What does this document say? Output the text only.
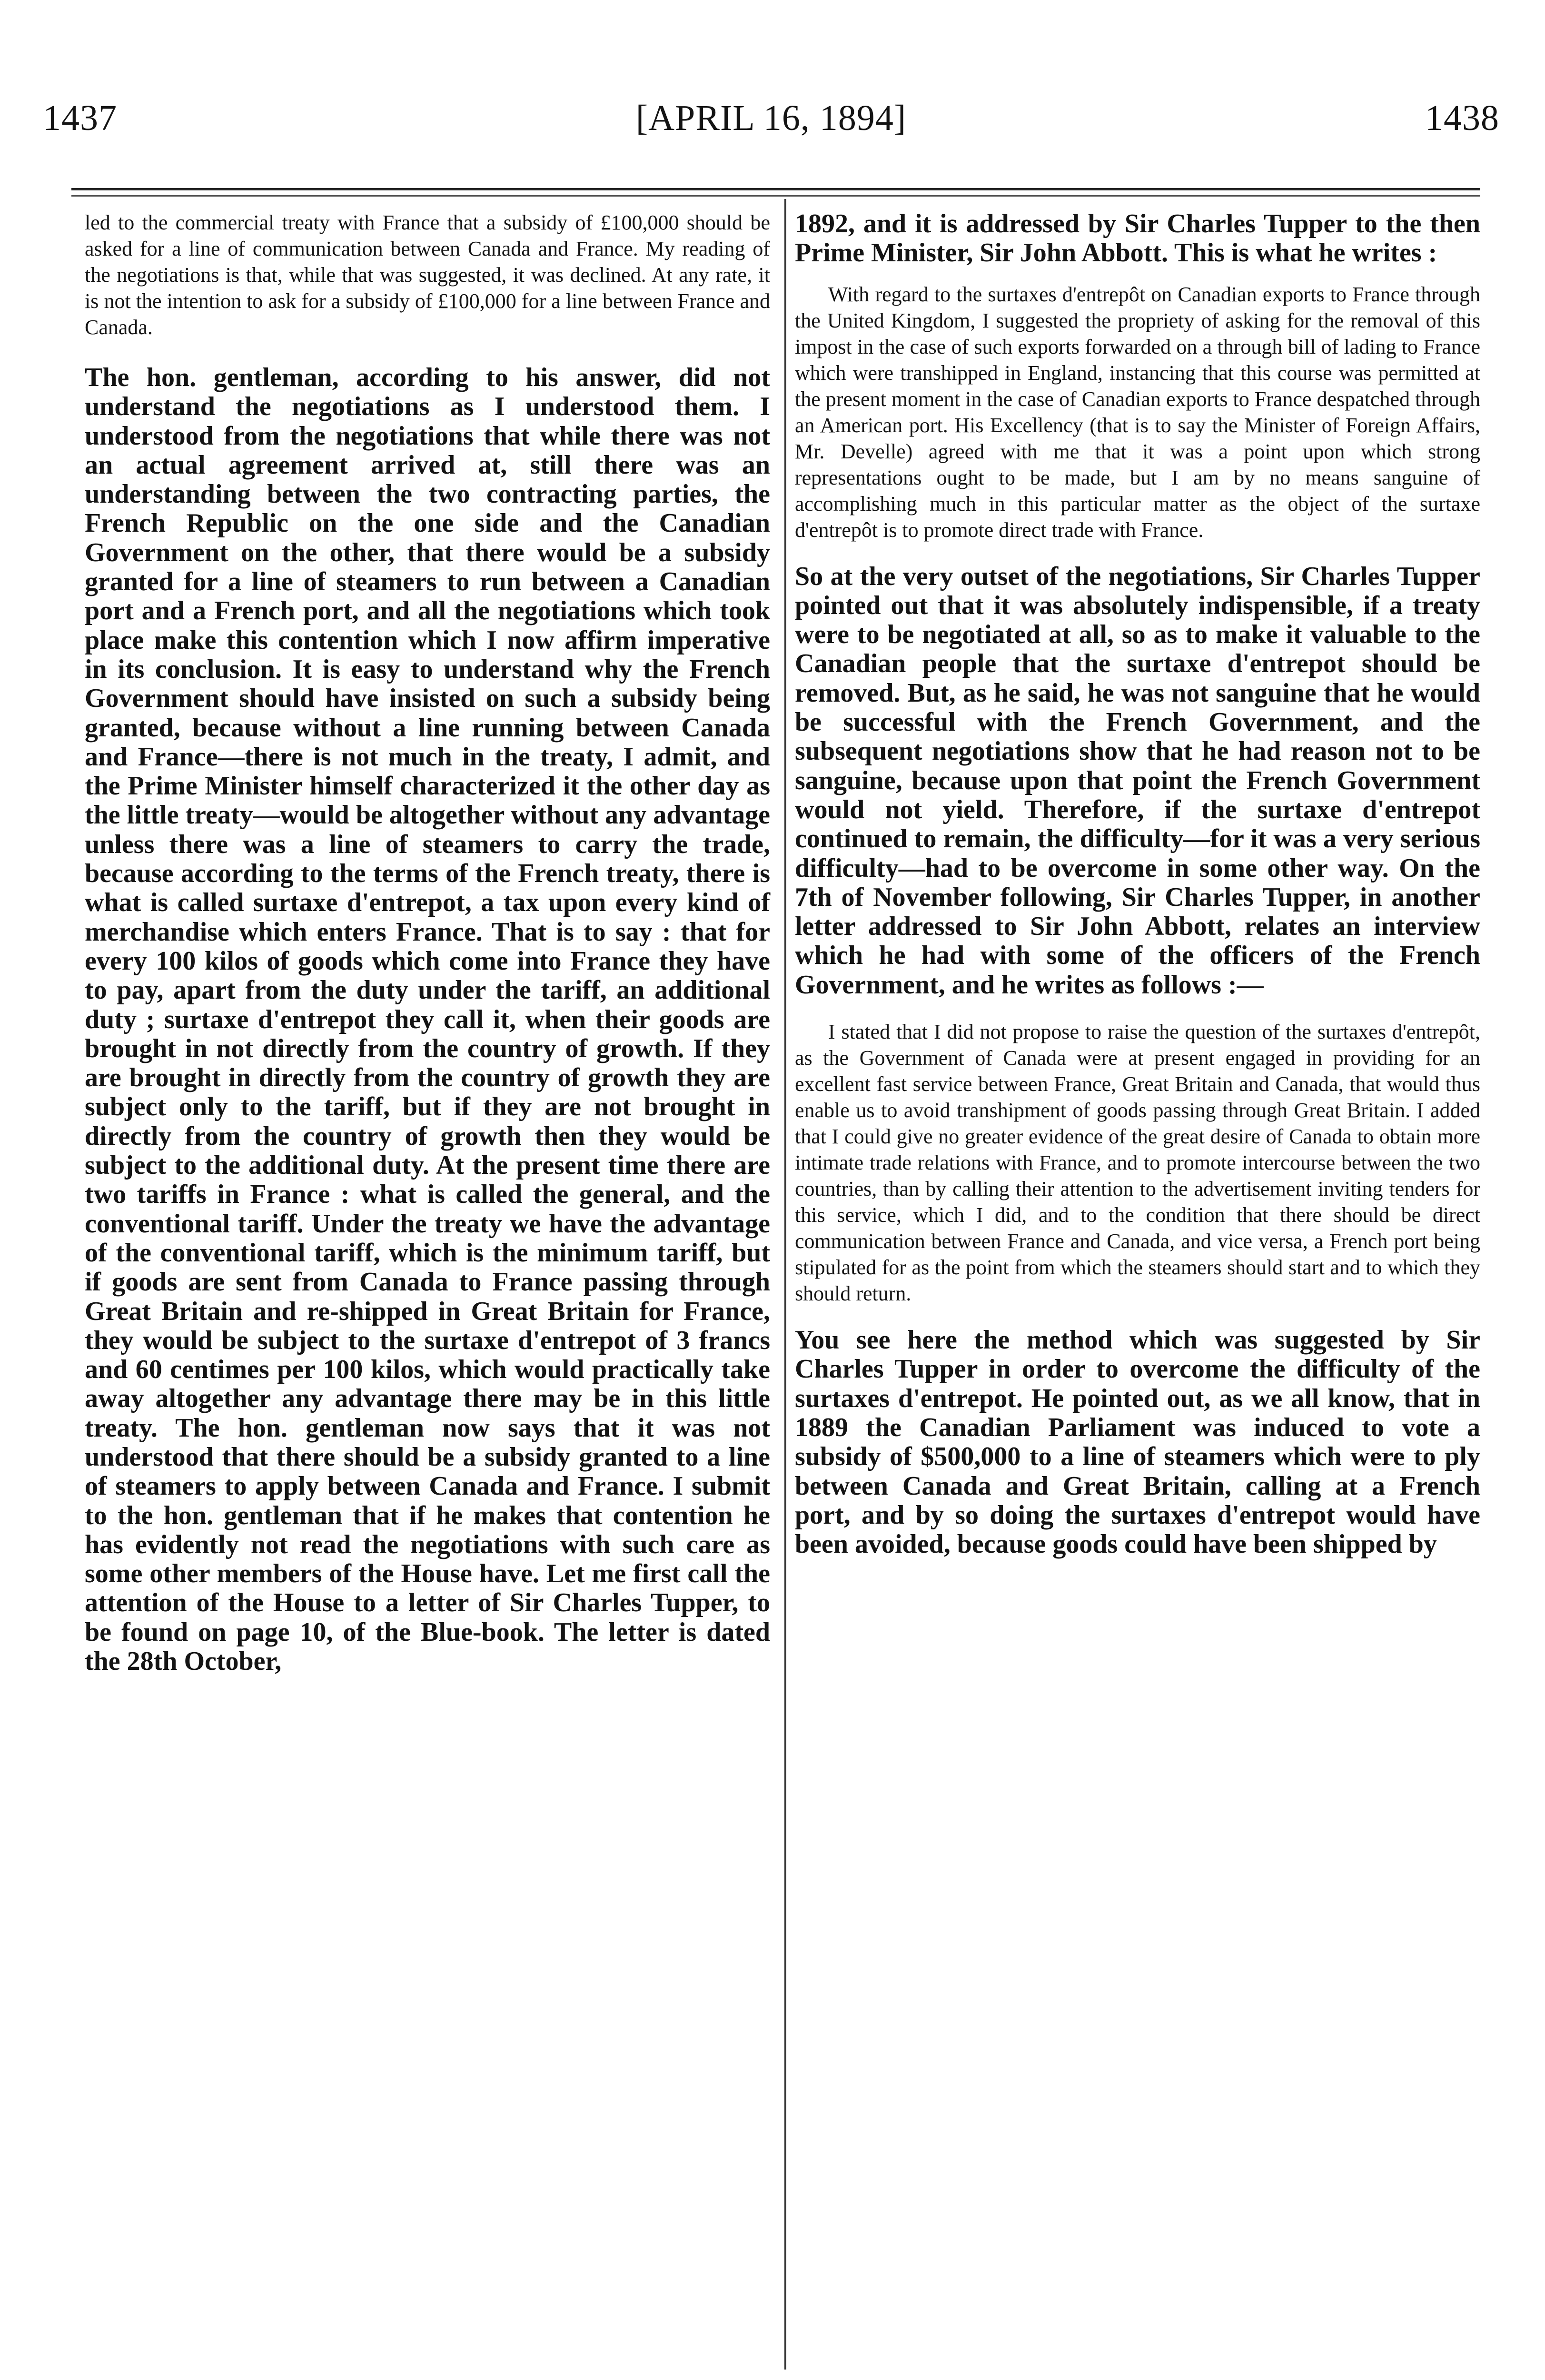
1437	[APRIL 16, 1894]	1438

led to the commercial treaty with France that a subsidy of £100,000 should be asked for a line of communication between Canada and France. My reading of the negotiations is that, while that was suggested, it was declined. At any rate, it is not the intention to ask for a subsidy of £100,000 for a line between France and Canada.

The hon. gentleman, according to his answer, did not understand the negotiations as I understood them. I understood from the negotiations that while there was not an actual agreement arrived at, still there was an understanding between the two contracting parties, the French Republic on the one side and the Canadian Government on the other, that there would be a subsidy granted for a line of steamers to run between a Canadian port and a French port, and all the negotiations which took place make this contention which I now affirm imperative in its conclusion. It is easy to understand why the French Government should have insisted on such a subsidy being granted, because without a line running between Canada and France—there is not much in the treaty, I admit, and the Prime Minister himself characterized it the other day as the little treaty—would be altogether without any advantage unless there was a line of steamers to carry the trade, because according to the terms of the French treaty, there is what is called surtaxe d'entrepot, a tax upon every kind of merchandise which enters France. That is to say : that for every 100 kilos of goods which come into France they have to pay, apart from the duty under the tariff, an additional duty ; surtaxe d'entrepot they call it, when their goods are brought in not directly from the country of growth. If they are brought in directly from the country of growth they are subject only to the tariff, but if they are not brought in directly from the country of growth then they would be subject to the additional duty. At the present time there are two tariffs in France : what is called the general, and the conventional tariff. Under the treaty we have the advantage of the conventional tariff, which is the minimum tariff, but if goods are sent from Canada to France passing through Great Britain and re-shipped in Great Britain for France, they would be subject to the surtaxe d'entrepot of 3 francs and 60 centimes per 100 kilos, which would practically take away altogether any advantage there may be in this little treaty. The hon. gentleman now says that it was not understood that there should be a subsidy granted to a line of steamers to apply between Canada and France. I submit to the hon. gentleman that if he makes that contention he has evidently not read the negotiations with such care as some other members of the House have. Let me first call the attention of the House to a letter of Sir Charles Tupper, to be found on page 10, of the Blue-book. The letter is dated the 28th October,

1892, and it is addressed by Sir Charles Tupper to the then Prime Minister, Sir John Abbott. This is what he writes :

With regard to the surtaxes d'entrepôt on Canadian exports to France through the United Kingdom, I suggested the propriety of asking for the removal of this impost in the case of such exports forwarded on a through bill of lading to France which were transhipped in England, instancing that this course was permitted at the present moment in the case of Canadian exports to France despatched through an American port. His Excellency (that is to say the Minister of Foreign Affairs, Mr. Develle) agreed with me that it was a point upon which strong representations ought to be made, but I am by no means sanguine of accomplishing much in this particular matter as the object of the surtaxe d'entrepôt is to promote direct trade with France.

So at the very outset of the negotiations, Sir Charles Tupper pointed out that it was absolutely indispensible, if a treaty were to be negotiated at all, so as to make it valuable to the Canadian people that the surtaxe d'entrepot should be removed. But, as he said, he was not sanguine that he would be successful with the French Government, and the subsequent negotiations show that he had reason not to be sanguine, because upon that point the French Government would not yield. Therefore, if the surtaxe d'entrepot continued to remain, the difficulty—for it was a very serious difficulty—had to be overcome in some other way. On the 7th of November following, Sir Charles Tupper, in another letter addressed to Sir John Abbott, relates an interview which he had with some of the officers of the French Government, and he writes as follows :—

I stated that I did not propose to raise the question of the surtaxes d'entrepôt, as the Government of Canada were at present engaged in providing for an excellent fast service between France, Great Britain and Canada, that would thus enable us to avoid transhipment of goods passing through Great Britain. I added that I could give no greater evidence of the great desire of Canada to obtain more intimate trade relations with France, and to promote intercourse between the two countries, than by calling their attention to the advertisement inviting tenders for this service, which I did, and to the condition that there should be direct communication between France and Canada, and vice versa, a French port being stipulated for as the point from which the steamers should start and to which they should return.

You see here the method which was suggested by Sir Charles Tupper in order to overcome the difficulty of the surtaxes d'entrepot. He pointed out, as we all know, that in 1889 the Canadian Parliament was induced to vote a subsidy of $500,000 to a line of steamers which were to ply between Canada and Great Britain, calling at a French port, and by so doing the surtaxes d'entrepot would have been avoided, because goods could have been shipped by
